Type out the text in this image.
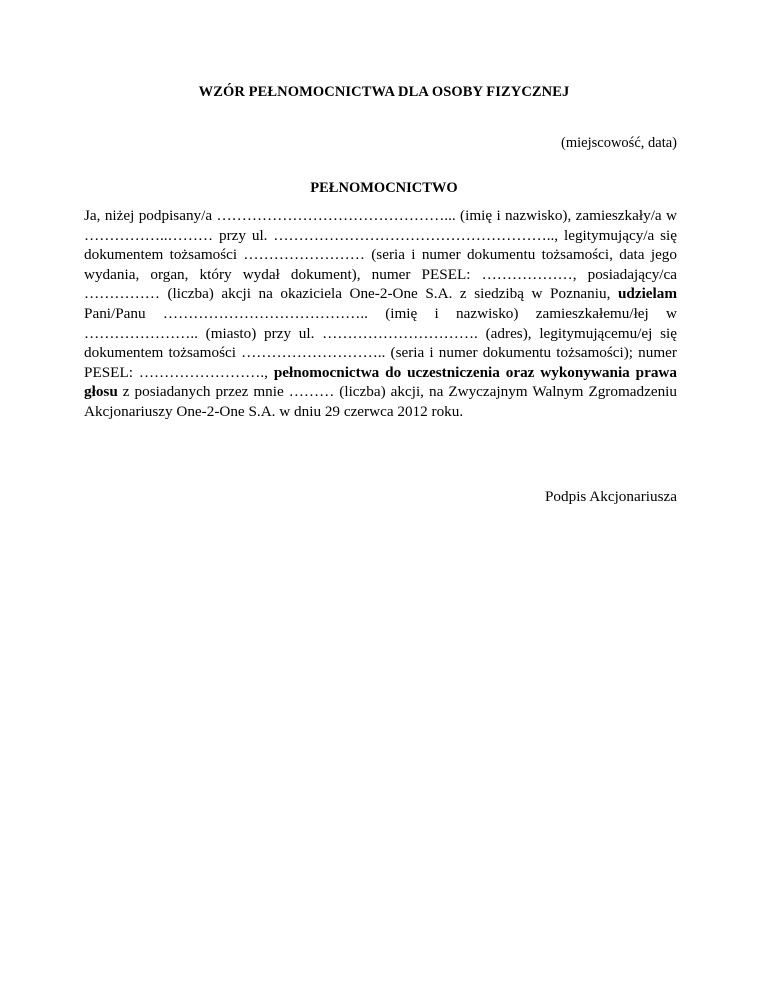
WZÓR PEŁNOMOCNICTWA DLA OSOBY FIZYCZNEJ
(miejscowość, data)
PEŁNOMOCNICTWO

Ja, niżej podpisany/a ………………………………………... (imię i nazwisko), zamieszkały/a w ……………..……… przy ul. ……………………………………………….., legitymujący/a się dokumentem tożsamości …………………… (seria i numer dokumentu tożsamości, data jego wydania, organ, który wydał dokument), numer PESEL: ………………, posiadający/ca …………… (liczba) akcji na okaziciela One-2-One S.A. z siedzibą w Poznaniu, udzielam Pani/Panu ………………………………….. (imię i nazwisko) zamieszkałemu/łej w ………………….. (miasto) przy ul. …………………………. (adres), legitymującemu/ej się dokumentem tożsamości ……………………….. (seria i numer dokumentu tożsamości); numer PESEL: ……………………., pełnomocnictwa do uczestniczenia oraz wykonywania prawa głosu z posiadanych przez mnie ……… (liczba) akcji, na Zwyczajnym Walnym Zgromadzeniu Akcjonariuszy One-2-One S.A. w dniu 29 czerwca 2012 roku.

Podpis Akcjonariusza
